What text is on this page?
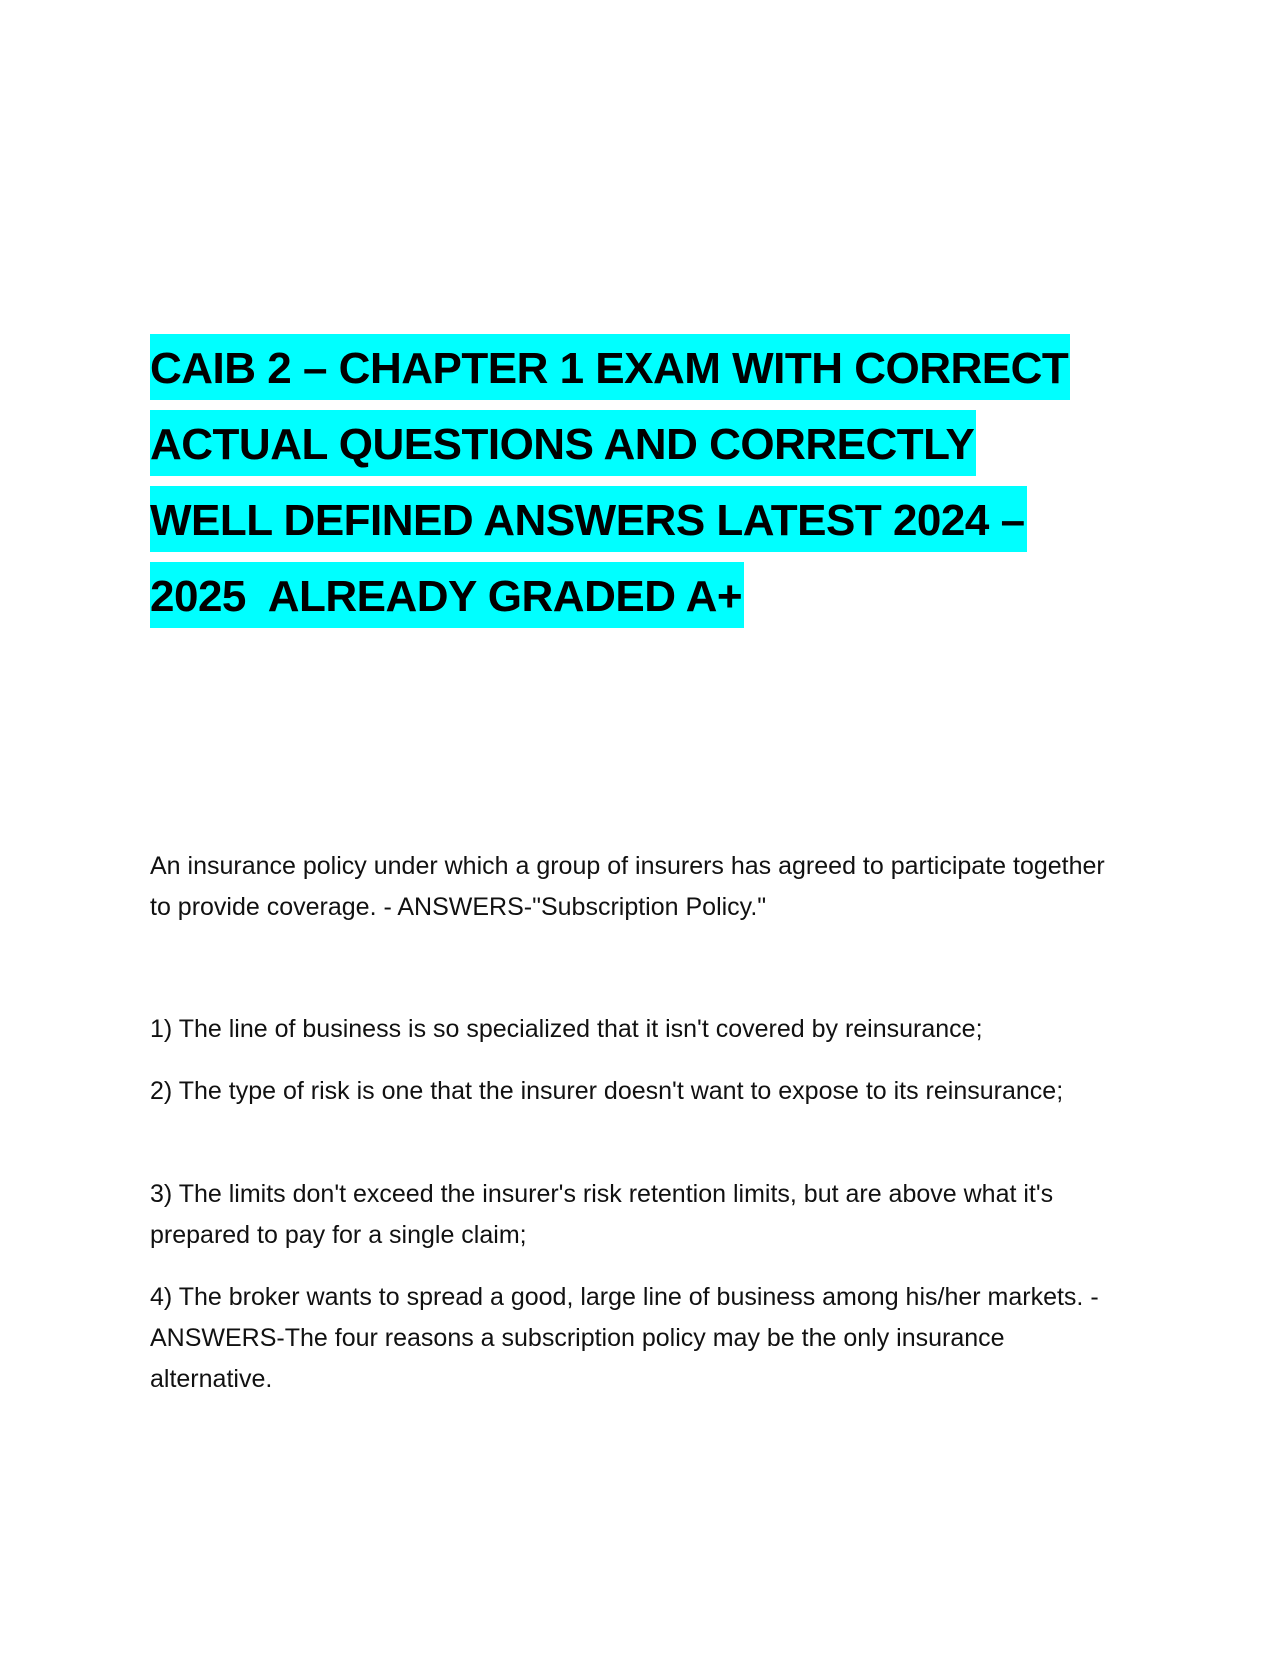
CAIB 2 – CHAPTER 1 EXAM WITH CORRECT
ACTUAL QUESTIONS AND CORRECTLY
WELL DEFINED ANSWERS LATEST 2024 –
2025  ALREADY GRADED A+

An insurance policy under which a group of insurers has agreed to participate together to provide coverage. - ANSWERS-"Subscription Policy."

1) The line of business is so specialized that it isn't covered by reinsurance;

2) The type of risk is one that the insurer doesn't want to expose to its reinsurance;

3) The limits don't exceed the insurer's risk retention limits, but are above what it's prepared to pay for a single claim;

4) The broker wants to spread a good, large line of business among his/her markets. - ANSWERS-The four reasons a subscription policy may be the only insurance alternative.
